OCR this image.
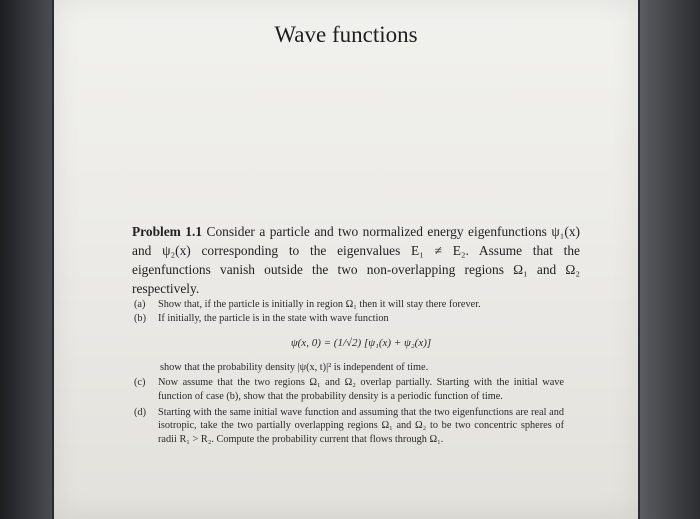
Wave functions
Problem 1.1 Consider a particle and two normalized energy eigenfunctions ψ₁(x) and ψ₂(x) corresponding to the eigenvalues E₁ ≠ E₂. Assume that the eigenfunctions vanish outside the two non-overlapping regions Ω₁ and Ω₂ respectively.
(a)	Show that, if the particle is initially in region Ω₁ then it will stay there forever.
(b)	If initially, the particle is in the state with wave function
ψ(x, 0) = (1/√2) [ψ₁(x) + ψ₂(x)]
show that the probability density |ψ(x, t)|² is independent of time.
(c)	Now assume that the two regions Ω₁ and Ω₂ overlap partially. Starting with the initial wave function of case (b), show that the probability density is a periodic function of time.
(d)	Starting with the same initial wave function and assuming that the two eigenfunctions are real and isotropic, take the two partially overlapping regions Ω₁ and Ω₂ to be two concentric spheres of radii R₁ > R₂. Compute the probability current that flows through Ω₁.
